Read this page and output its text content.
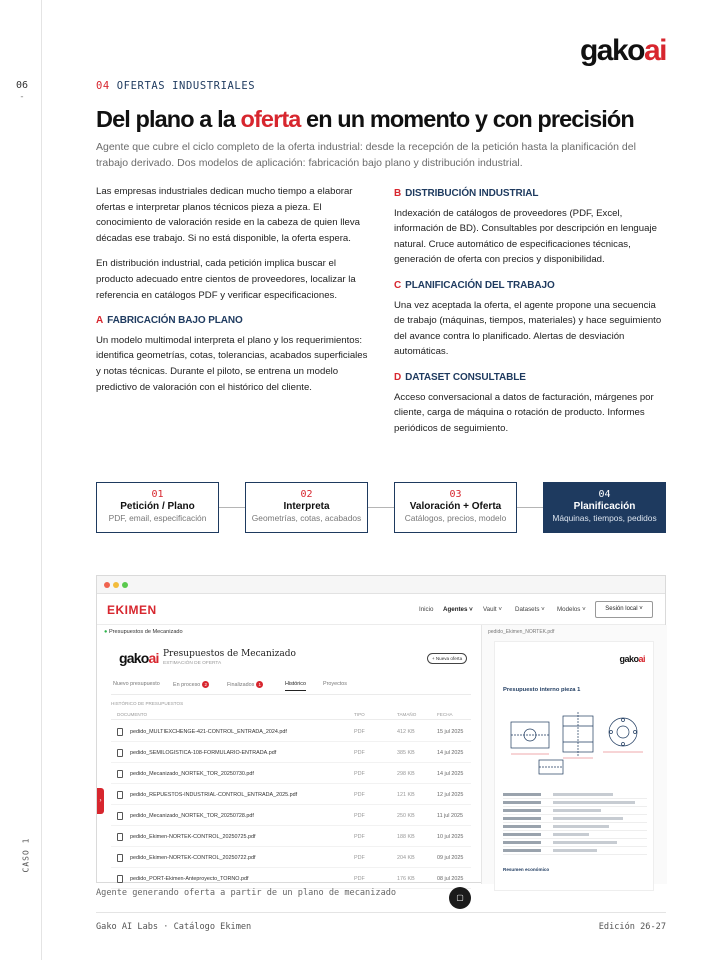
06
-
CASO 1
gakoai
04 OFERTAS INDUSTRIALES
Del plano a la oferta en un momento y con precisión
Agente que cubre el ciclo completo de la oferta industrial: desde la recepción de la petición hasta la planificación del trabajo derivado. Dos modelos de aplicación: fabricación bajo plano y distribución industrial.

Las empresas industriales dedican mucho tiempo a elaborar ofertas e interpretar planos técnicos pieza a pieza. El conocimiento de valoración reside en la cabeza de quien lleva décadas ese trabajo. Si no está disponible, la oferta espera.

En distribución industrial, cada petición implica buscar el producto adecuado entre cientos de proveedores, localizar la referencia en catálogos PDF y verificar especificaciones.

A FABRICACIÓN BAJO PLANO

Un modelo multimodal interpreta el plano y los requerimientos: identifica geometrías, cotas, tolerancias, acabados superficiales y notas técnicas. Durante el piloto, se entrena un modelo predictivo de valoración con el histórico del cliente.

B DISTRIBUCIÓN INDUSTRIAL

Indexación de catálogos de proveedores (PDF, Excel, información de BD). Consultables por descripción en lenguaje natural. Cruce automático de especificaciones técnicas, generación de oferta con precios y disponibilidad.

C PLANIFICACIÓN DEL TRABAJO

Una vez aceptada la oferta, el agente propone una secuencia de trabajo (máquinas, tiempos, materiales) y hace seguimiento del avance contra lo planificado. Alertas de desviación automáticas.

D DATASET CONSULTABLE

Acceso conversacional a datos de facturación, márgenes por cliente, carga de máquina o rotación de producto. Informes periódicos de seguimiento.

01
Petición / Plano
PDF, email, especificación
02
Interpreta
Geometrías, cotas, acabados
03
Valoración + Oferta
Catálogos, precios, modelo
04
Planificación
Máquinas, tiempos, pedidos
EKIMEN	Inicio Agentes ˅ Vault ˅ Datasets ˅ Modelos ˅	Sesión local ˅
● Presupuestos de Mecanizado
gakoai Presupuestos de Mecanizado
ESTIMACIÓN DE OFERTA
+ Nueva oferta
Nuevo presupuesto En proceso 2	Finalizados 1	Histórico	Proyectos
HISTÓRICO DE PRESUPUESTOS
DOCUMENTO	TIPO	TAMAÑO	FECHA
pedido_MULTIEXCHENGE-421-CONTROL_ENTRADA_2024.pdf	PDF	412 KB	15 jul 2025
pedido_SEMILOGISTICA-108-FORMULARIO-ENTRADA.pdf	PDF	385 KB	14 jul 2025
pedido_Mecanizado_NORTEK_TOR_20250730.pdf	PDF	298 KB	14 jul 2025
pedido_REPUESTOS-INDUSTRIAL-CONTROL_ENTRADA_2025.pdf	PDF	121 KB	12 jul 2025
pedido_Mecanizado_NORTEK_TOR_20250728.pdf	PDF	250 KB	11 jul 2025
pedido_Ekimen-NORTEK-CONTROL_20250725.pdf	PDF	188 KB	10 jul 2025
pedido_Ekimen-NORTEK-CONTROL_20250722.pdf	PDF	204 KB	09 jul 2025
pedido_PORT-Ekimen-Anteproyecto_TORNO.pdf	PDF	176 KB	08 jul 2025
›
▢
pedido_Ekimen_NORTEK.pdf
gakoai
Presupuesto interno pieza 1
Resumen económico
Agente generando oferta a partir de un plano de mecanizado
Gako AI Labs · Catálogo Ekimen	Edición 26-27
